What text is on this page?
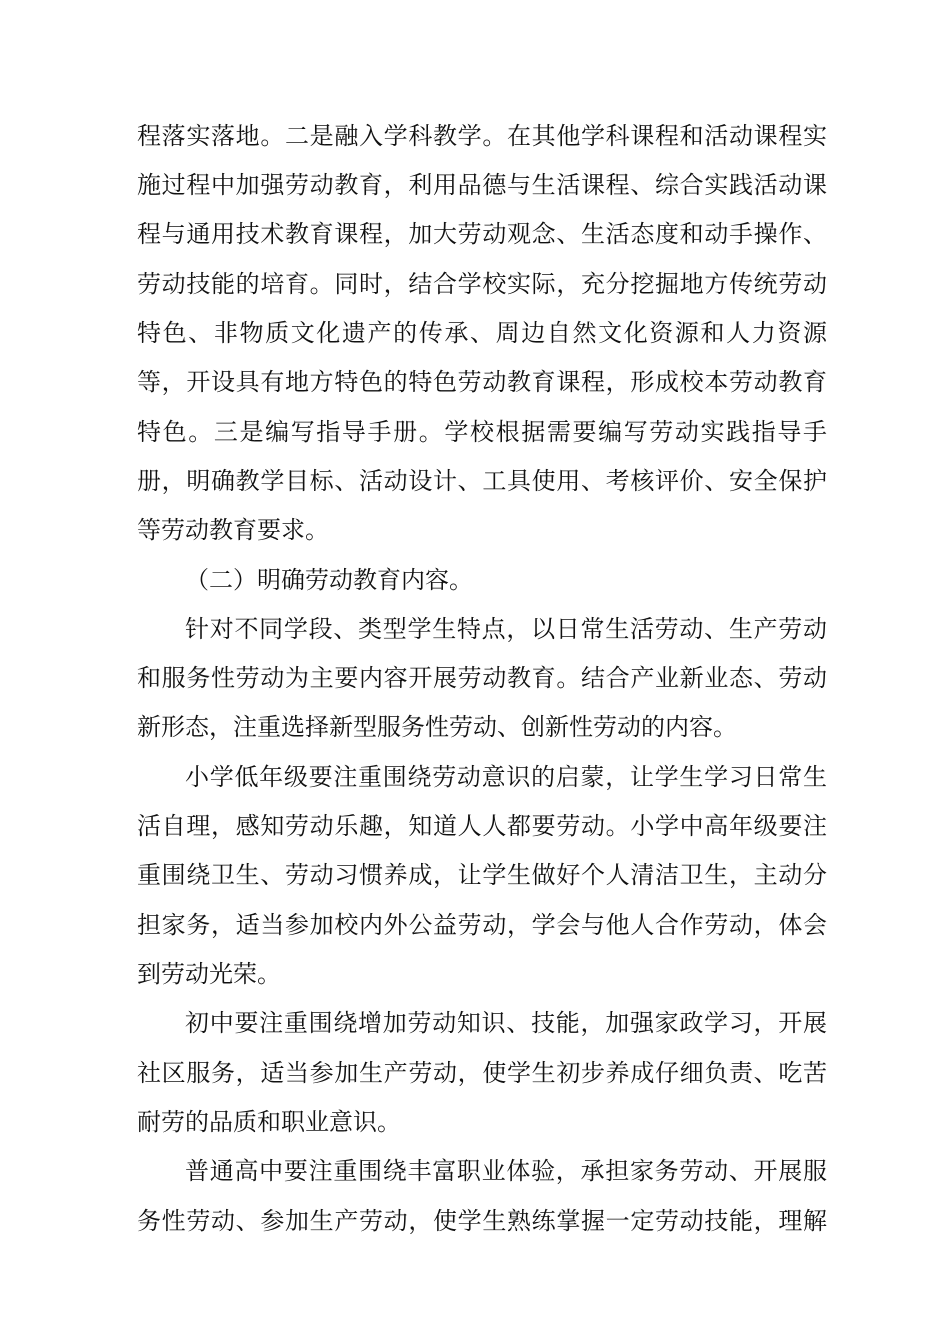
程落实落地。二是融入学科教学。在其他学科课程和活动课程实
施过程中加强劳动教育，利用品德与生活课程、综合实践活动课
程与通用技术教育课程，加大劳动观念、生活态度和动手操作、
劳动技能的培育。同时，结合学校实际，充分挖掘地方传统劳动
特色、非物质文化遗产的传承、周边自然文化资源和人力资源
等，开设具有地方特色的特色劳动教育课程，形成校本劳动教育
特色。三是编写指导手册。学校根据需要编写劳动实践指导手
册，明确教学目标、活动设计、工具使用、考核评价、安全保护
等劳动教育要求。
（二）明确劳动教育内容。
针对不同学段、类型学生特点，以日常生活劳动、生产劳动
和服务性劳动为主要内容开展劳动教育。结合产业新业态、劳动
新形态，注重选择新型服务性劳动、创新性劳动的内容。
小学低年级要注重围绕劳动意识的启蒙，让学生学习日常生
活自理，感知劳动乐趣，知道人人都要劳动。小学中高年级要注
重围绕卫生、劳动习惯养成，让学生做好个人清洁卫生，主动分
担家务，适当参加校内外公益劳动，学会与他人合作劳动，体会
到劳动光荣。
初中要注重围绕增加劳动知识、技能，加强家政学习，开展
社区服务，适当参加生产劳动，使学生初步养成仔细负责、吃苦
耐劳的品质和职业意识。
普通高中要注重围绕丰富职业体验，承担家务劳动、开展服
务性劳动、参加生产劳动，使学生熟练掌握一定劳动技能，理解
